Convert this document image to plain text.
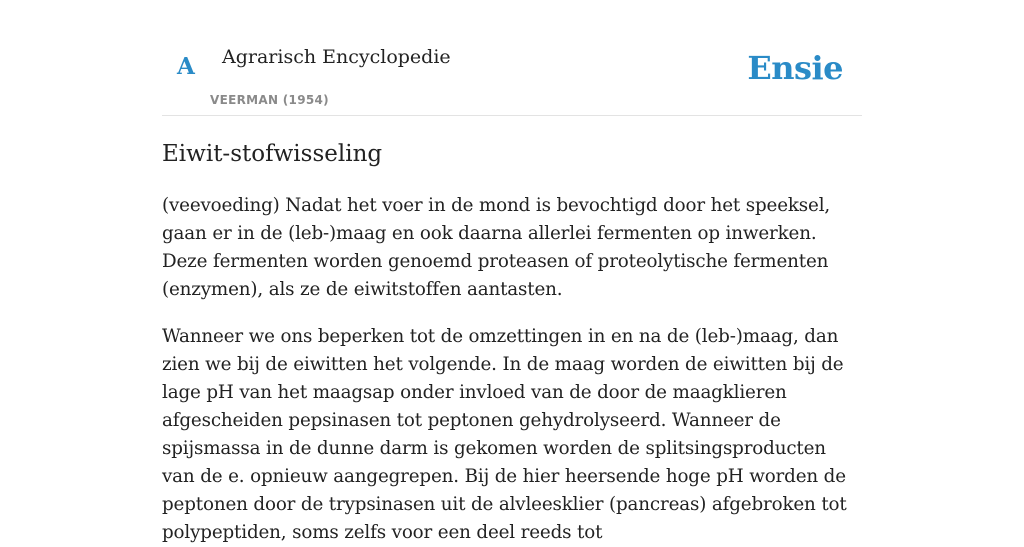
A Agrarisch Encyclopedie
VEERMAN (1954)
Ensie
Eiwit-stofwisseling

(veevoeding) Nadat het voer in de mond is bevochtigd door het speeksel, gaan er in de (leb-)maag en ook daarna allerlei fermenten op inwerken. Deze fermenten worden genoemd proteasen of proteolytische fermenten (enzymen), als ze de eiwitstoffen aantasten.

Wanneer we ons beperken tot de omzettingen in en na de (leb-)maag, dan zien we bij de eiwitten het volgende. In de maag worden de eiwitten bij de lage pH van het maagsap onder invloed van de door de maagklieren afgescheiden pepsinasen tot peptonen gehydrolyseerd. Wanneer de spijsmassa in de dunne darm is gekomen worden de splitsingsproducten van de e. opnieuw aangegrepen. Bij de hier heersende hoge pH worden de peptonen door de trypsinasen uit de alvleesklier (pancreas) afgebroken tot polypeptiden, soms zelfs voor een deel reeds tot
